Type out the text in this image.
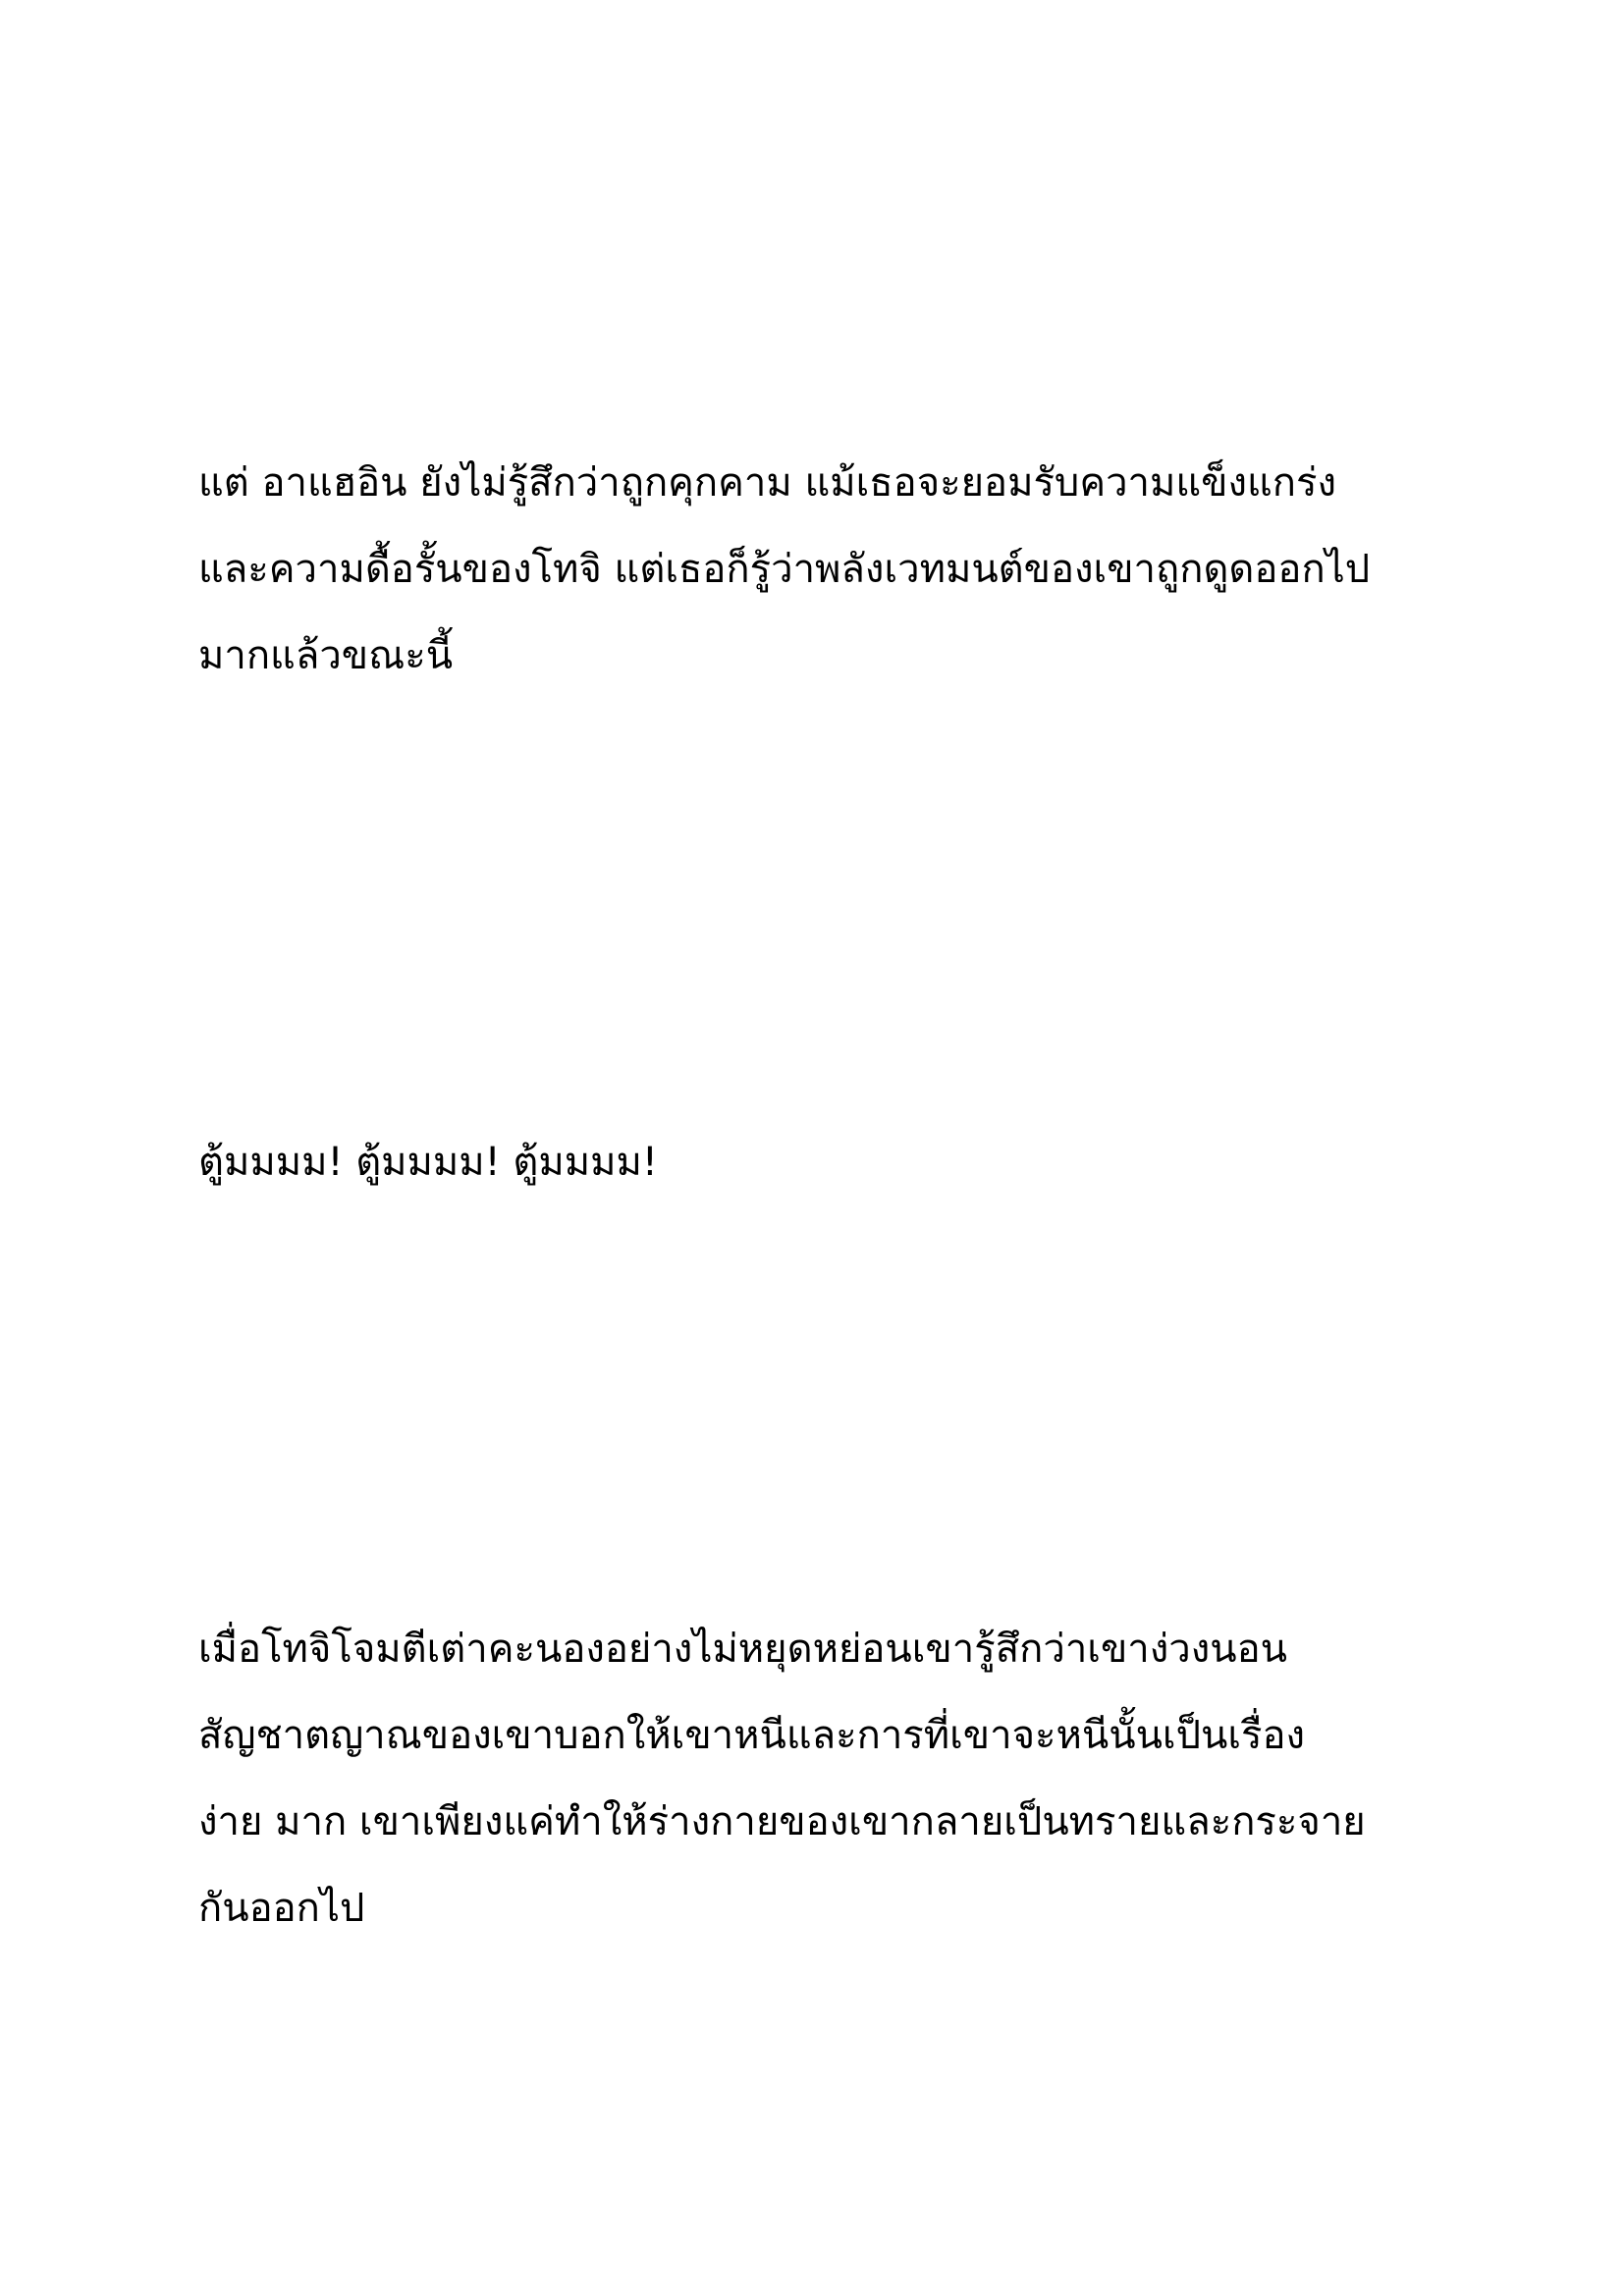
แต่ อาแฮอิน ยังไม่รู้สึกว่าถูกคุกคาม แม้เธอจะยอมรับความแข็งแกร่ง
และความดื้อรั้นของโทจิ แต่เธอก็รู้ว่าพลังเวทมนต์ของเขาถูกดูดออกไป
มากแล้วขณะนี้
ตู้มมมม! ตู้มมมม! ตู้มมมม!
เมื่อโทจิโจมตีเต่าคะนองอย่างไม่หยุดหย่อนเขารู้สึกว่าเขาง่วงนอน
สัญชาตญาณของเขาบอกให้เขาหนีและการที่เขาจะหนีนั้นเป็นเรื่อง
ง่าย มาก เขาเพียงแค่ทำให้ร่างกายของเขากลายเป็นทรายและกระจาย
กันออกไป
